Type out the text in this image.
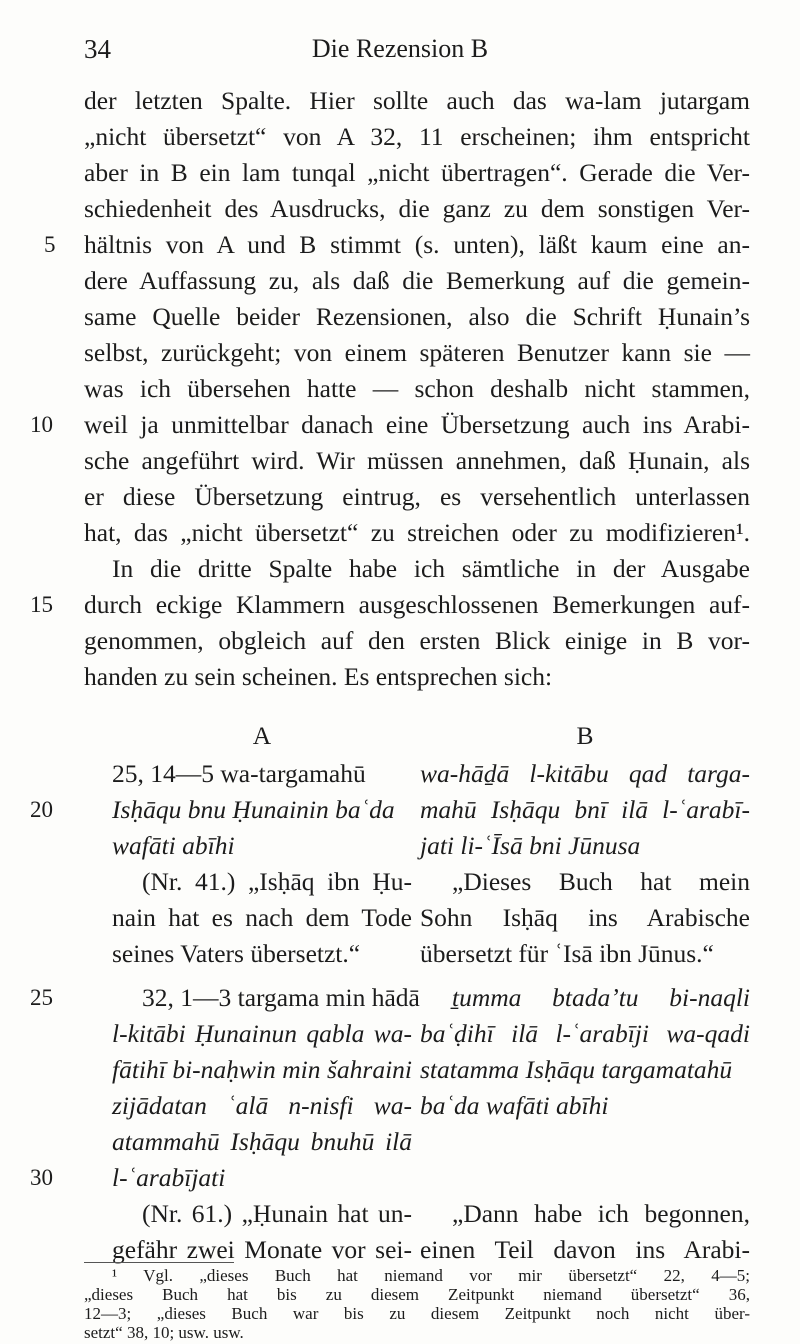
34	Die Rezension B
der letzten Spalte. Hier sollte auch das wa-lam jutargam
„nicht übersetzt“ von A 32, 11 erscheinen; ihm entspricht
aber in B ein lam tunqal „nicht übertragen“. Gerade die Ver-
schiedenheit des Ausdrucks, die ganz zu dem sonstigen Ver-
hältnis von A und B stimmt (s. unten), läßt kaum eine an-
dere Auffassung zu, als daß die Bemerkung auf die gemein-
same Quelle beider Rezensionen, also die Schrift Ḥunain’s
selbst, zurückgeht; von einem späteren Benutzer kann sie —
was ich übersehen hatte — schon deshalb nicht stammen,
weil ja unmittelbar danach eine Übersetzung auch ins Arabi-
sche angeführt wird. Wir müssen annehmen, daß Ḥunain, als
er diese Übersetzung eintrug, es versehentlich unterlassen
hat, das „nicht übersetzt“ zu streichen oder zu modifizieren¹.
In die dritte Spalte habe ich sämtliche in der Ausgabe
durch eckige Klammern ausgeschlossenen Bemerkungen auf-
genommen, obgleich auf den ersten Blick einige in B vor-
handen zu sein scheinen. Es entsprechen sich:
5
10
15
20
25
30
A	B
25, 14—5 wa-targamahū
Isḥāqu bnu Ḥunainin baʿda
wafāti abīhi
(Nr. 41.) „Isḥāq ibn Ḥu-
nain hat es nach dem Tode
seines Vaters übersetzt.“
32, 1—3 targama min hādā
l-kitābi Ḥunainun qabla wa-
fātihī bi-naḥwin min šahraini
zijādatan ʿalā n-nisfi wa-
atammahū Isḥāqu bnuhū ilā
l-ʿarabījati
(Nr. 61.) „Ḥunain hat un-
gefähr zwei Monate vor sei-
wa-hāḏā l-kitābu qad targa-
mahū Isḥāqu bnī ilā l-ʿarabī-
jati li-ʿĪsā bni Jūnusa
„Dieses Buch hat mein
Sohn Isḥāq ins Arabische
übersetzt für ʿIsā ibn Jūnus.“
ṯumma btadaʼtu bi-naqli
baʿḍihī ilā l-ʿarabīji wa-qadi
statamma Isḥāqu targamatahū
baʿda wafāti abīhi
„Dann habe ich begonnen,
einen Teil davon ins Arabi-
¹ Vgl. „dieses Buch hat niemand vor mir übersetzt“ 22, 4—5;
„dieses Buch hat bis zu diesem Zeitpunkt niemand übersetzt“ 36,
12—3; „dieses Buch war bis zu diesem Zeitpunkt noch nicht über-
setzt“ 38, 10; usw. usw.
